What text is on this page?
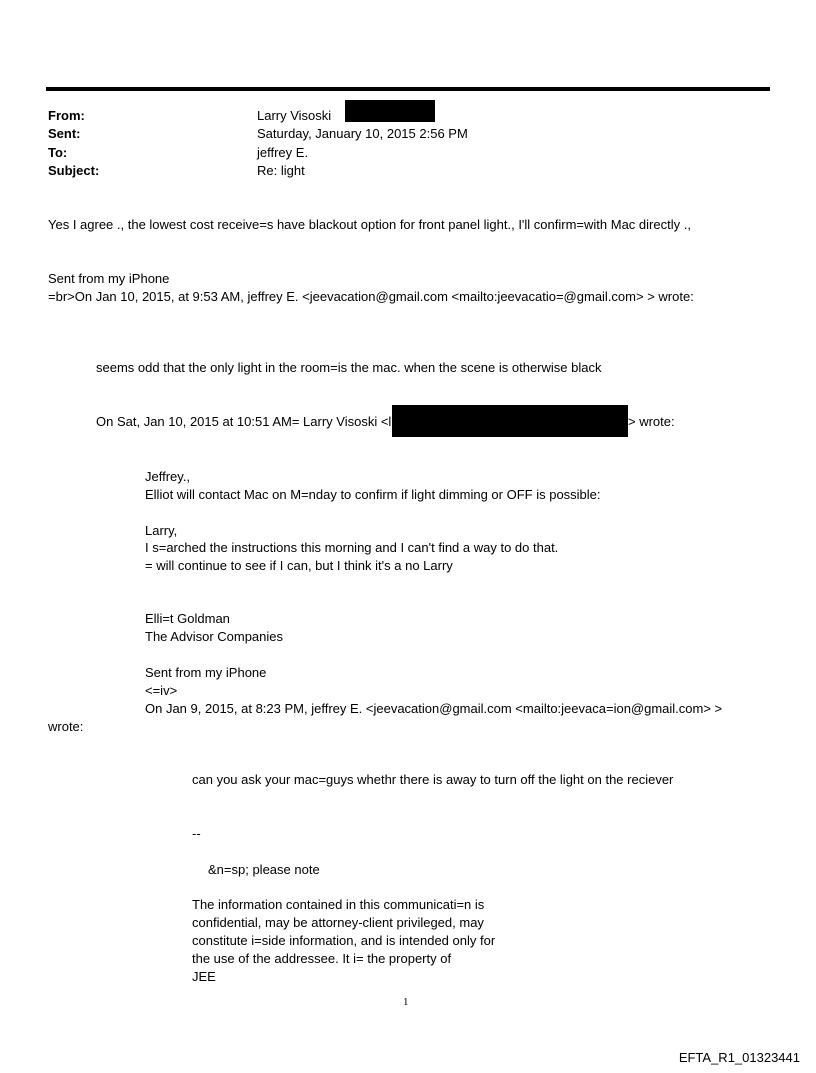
From:	Larry Visoski
Sent:	Saturday, January 10, 2015 2:56 PM
To:	jeffrey E.
Subject:	Re: light
Yes I agree ., the lowest cost receive=s have blackout option for front panel light., I'll confirm=with Mac directly .,
Sent from my iPhone
=br>On Jan 10, 2015, at 9:53 AM, jeffrey E. <jeevacation@gmail.com <mailto:jeevacatio=@gmail.com> > wrote:
seems odd that the only light in the room=is the mac. when the scene is otherwise black
On Sat, Jan 10, 2015 at 10:51 AM= Larry Visoski <l	> wrote:
Jeffrey.,
Elliot will contact Mac on M=nday to confirm if light dimming or OFF is possible:
Larry,
I s=arched the instructions this morning and I can't find a way to do that.
= will continue to see if I can, but I think it's a no Larry
Elli=t Goldman
The Advisor Companies
Sent from my iPhone
<=iv>
On Jan 9, 2015, at 8:23 PM, jeffrey E. <jeevacation@gmail.com <mailto:jeevaca=ion@gmail.com> >
wrote:
can you ask your mac=guys whethr there is away to turn off the light on the reciever
--
&n=sp; please note
The information contained in this communicati=n is
confidential, may be attorney-client privileged, may
constitute i=side information, and is intended only for
the use of the addressee. It i= the property of
JEE
1
EFTA_R1_01323441
